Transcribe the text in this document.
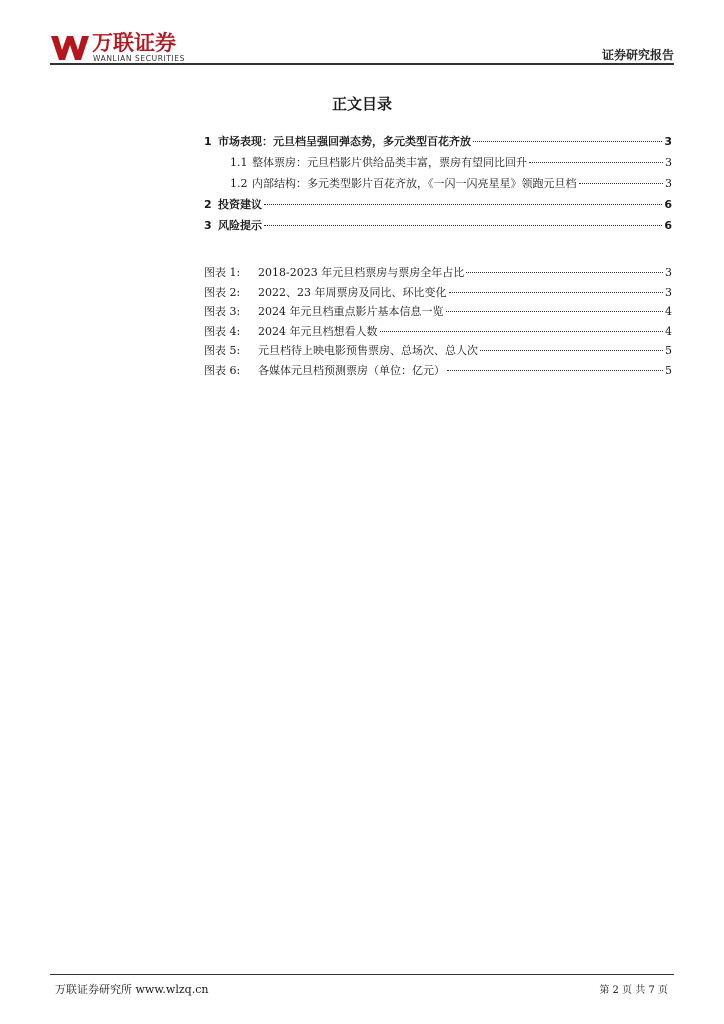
万联证券
WANLIAN SECURITIES	证券研究报告
正文目录
1 市场表现：元旦档呈强回弹态势，多元类型百花齐放	3
1.1 整体票房：元旦档影片供给品类丰富，票房有望同比回升	3
1.2 内部结构：多元类型影片百花齐放，《一闪一闪亮星星》领跑元旦档	3
2 投资建议	6
3 风险提示	6
图表 1:	2018-2023 年元旦档票房与票房全年占比	3
图表 2:	2022、23 年周票房及同比、环比变化	3
图表 3:	2024 年元旦档重点影片基本信息一览	4
图表 4:	2024 年元旦档想看人数	4
图表 5:	元旦档待上映电影预售票房、总场次、总人次	5
图表 6:	各媒体元旦档预测票房（单位：亿元）	5
万联证券研究所 www.wlzq.cn	第 2 页 共 7 页
